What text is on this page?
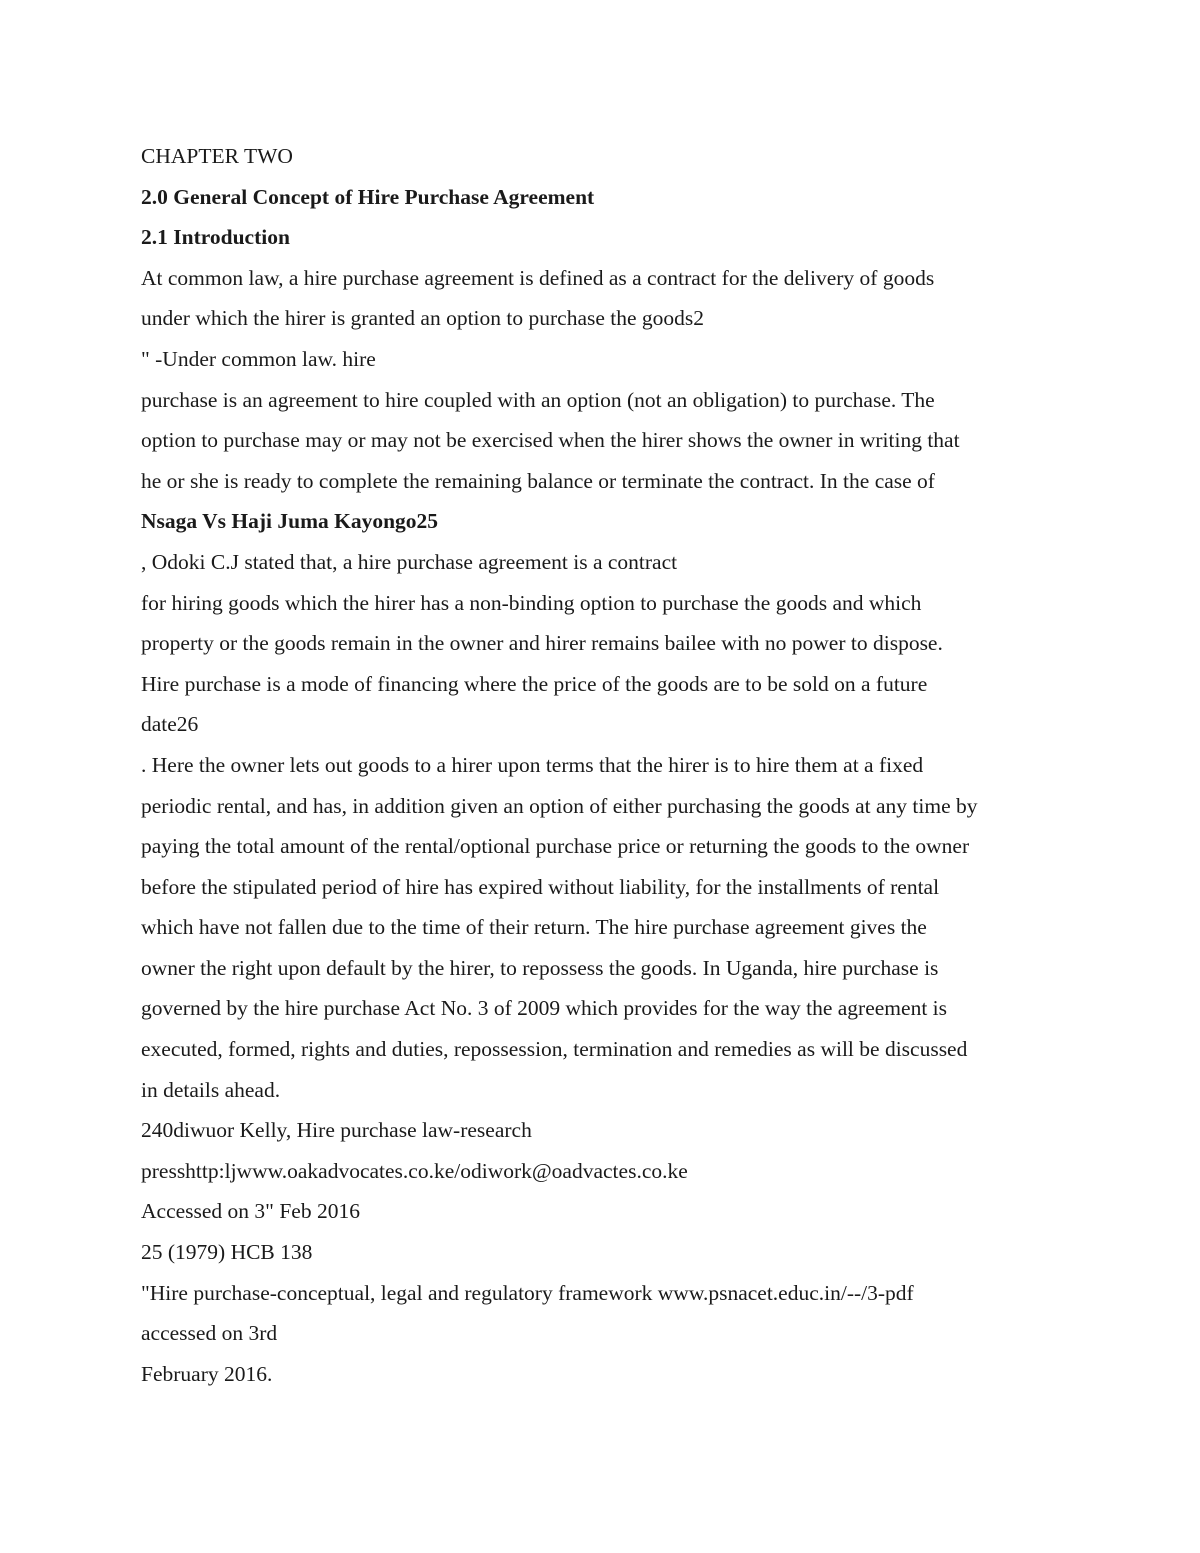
CHAPTER TWO

2.0 General Concept of Hire Purchase Agreement

2.1 Introduction

At common law, a hire purchase agreement is defined as a contract for the delivery of goods

under which the hirer is granted an option to purchase the goods2

" -Under common law. hire

purchase is an agreement to hire coupled with an option (not an obligation) to purchase. The

option to purchase may or may not be exercised when the hirer shows the owner in writing that

he or she is ready to complete the remaining balance or terminate the contract. In the case of

Nsaga Vs Haji Juma Kayongo25

, Odoki C.J stated that, a hire purchase agreement is a contract

for hiring goods which the hirer has a non-binding option to purchase the goods and which

property or the goods remain in the owner and hirer remains bailee with no power to dispose.

Hire purchase is a mode of financing where the price of the goods are to be sold on a future

date26

. Here the owner lets out goods to a hirer upon terms that the hirer is to hire them at a fixed

periodic rental, and has, in addition given an option of either purchasing the goods at any time by

paying the total amount of the rental/optional purchase price or returning the goods to the owner

before the stipulated period of hire has expired without liability, for the installments of rental

which have not fallen due to the time of their return. The hire purchase agreement gives the

owner the right upon default by the hirer, to repossess the goods. In Uganda, hire purchase is

governed by the hire purchase Act No. 3 of 2009 which provides for the way the agreement is

executed, formed, rights and duties, repossession, termination and remedies as will be discussed

in details ahead.

240diwuor Kelly, Hire purchase law-research

presshttp:ljwww.oakadvocates.co.ke/odiwork@oadvactes.co.ke

Accessed on 3" Feb 2016

25 (1979) HCB 138

"Hire purchase-conceptual, legal and regulatory framework www.psnacet.educ.in/--/3-pdf

accessed on 3rd

February 2016.
